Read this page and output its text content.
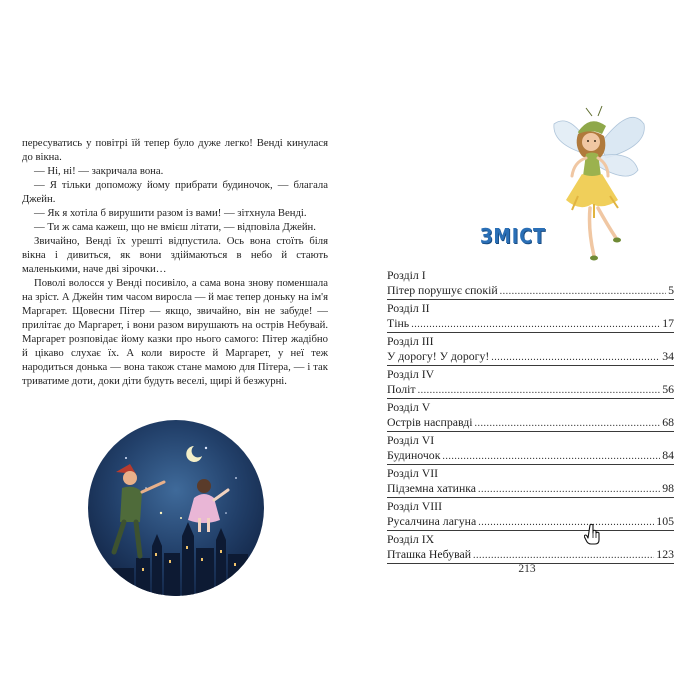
пересуватись у повітрі їй тепер було дуже легко! Венді кинулася до вікна.

— Ні, ні! — закричала вона.

— Я тільки допоможу йому прибрати будиночок, — благала Джейн.

— Як я хотіла б вирушити разом із вами! — зітхнула Венді.

— Ти ж сама кажеш, що не вмієш літати, — відповіла Джейн.

Звичайно, Венді їх урешті відпустила. Ось вона стоїть біля вікна і дивиться, як вони здіймаються в небо й стають маленькими, наче дві зірочки…

Поволі волосся у Венді посивіло, а сама вона знову поменшала на зріст. А Джейн тим часом виросла — й має тепер доньку на ім'я Маргарет. Щовесни Пітер — якщо, звичайно, він не забуде! — прилітає до Маргарет, і вони разом вирушають на острів Небувай. Маргарет розповідає йому казки про нього самого: Пітер жадібно й цікаво слухає їх. А коли виросте й Маргарет, у неї теж народиться донька — вона також стане мамою для Пітера, — і так триватиме доти, доки діти будуть веселі, щирі й безжурні.

ЗМІСТ
Розділ I
Пітер порушує спокій .....	5
Розділ II
Тінь .....	17
Розділ III
У дорогу! У дорогу! .....	34
Розділ IV
Політ .....	56
Розділ V
Острів насправді .....	68
Розділ VI
Будиночок .....	84
Розділ VII
Підземна хатинка .....	98
Розділ VIII
Русалчина лагуна .....	105
Розділ IX
Пташка Небувай .....	123
213
